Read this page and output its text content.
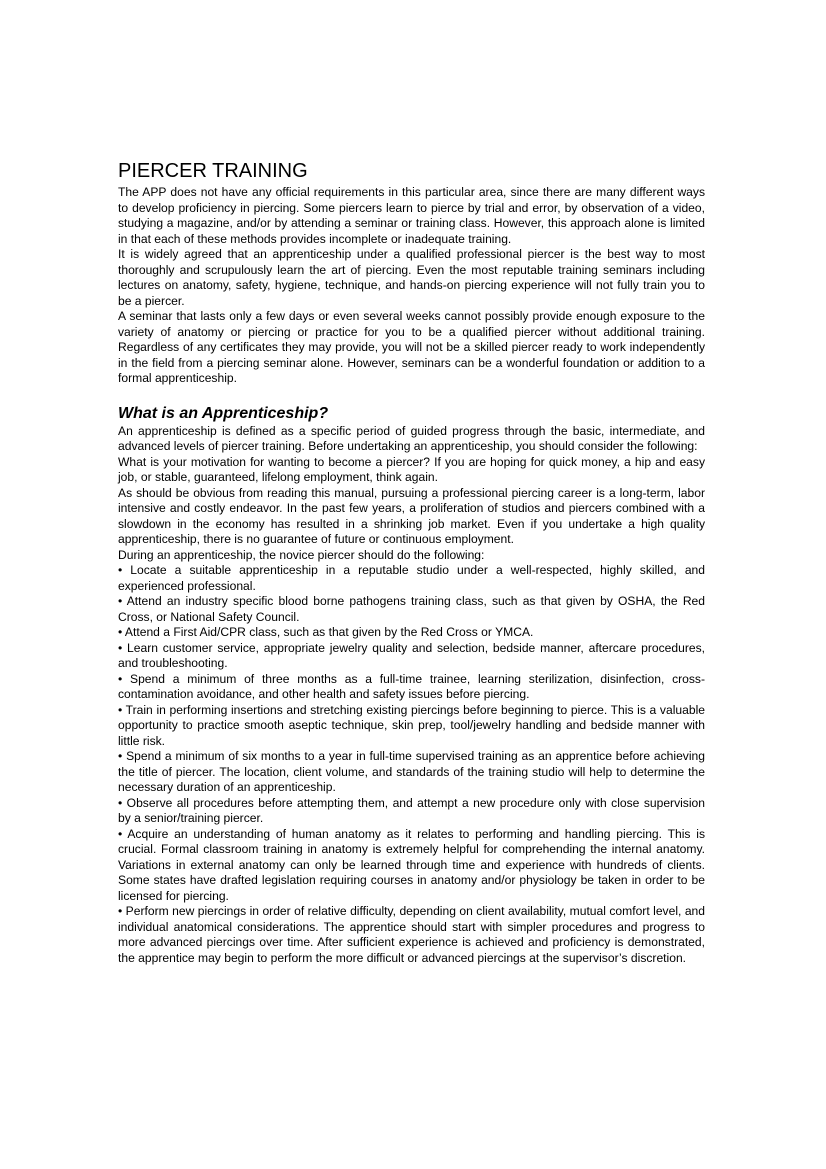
PIERCER TRAINING

The APP does not have any official requirements in this particular area, since there are many different ways to develop proficiency in piercing. Some piercers learn to pierce by trial and error, by observation of a video, studying a magazine, and/or by attending a seminar or training class. However, this approach alone is limited in that each of these methods provides incomplete or inadequate training.

It is widely agreed that an apprenticeship under a qualified professional piercer is the best way to most thoroughly and scrupulously learn the art of piercing. Even the most reputable training seminars including lectures on anatomy, safety, hygiene, technique, and hands-on piercing experience will not fully train you to be a piercer.

A seminar that lasts only a few days or even several weeks cannot possibly provide enough exposure to the variety of anatomy or piercing or practice for you to be a qualified piercer without additional training. Regardless of any certificates they may provide, you will not be a skilled piercer ready to work independently in the field from a piercing seminar alone. However, seminars can be a wonderful foundation or addition to a formal apprenticeship.

What is an Apprenticeship?

An apprenticeship is defined as a specific period of guided progress through the basic, intermediate, and advanced levels of piercer training. Before undertaking an apprenticeship, you should consider the following:

What is your motivation for wanting to become a piercer? If you are hoping for quick money, a hip and easy job, or stable, guaranteed, lifelong employment, think again.

As should be obvious from reading this manual, pursuing a professional piercing career is a long-term, labor intensive and costly endeavor. In the past few years, a proliferation of studios and piercers combined with a slowdown in the economy has resulted in a shrinking job market. Even if you undertake a high quality apprenticeship, there is no guarantee of future or continuous employment.

During an apprenticeship, the novice piercer should do the following:

• Locate a suitable apprenticeship in a reputable studio under a well-respected, highly skilled, and experienced professional.

• Attend an industry specific blood borne pathogens training class, such as that given by OSHA, the Red Cross, or National Safety Council.

• Attend a First Aid/CPR class, such as that given by the Red Cross or YMCA.

• Learn customer service, appropriate jewelry quality and selection, bedside manner, aftercare procedures, and troubleshooting.

• Spend a minimum of three months as a full-time trainee, learning sterilization, disinfection, cross-contamination avoidance, and other health and safety issues before piercing.

• Train in performing insertions and stretching existing piercings before beginning to pierce. This is a valuable opportunity to practice smooth aseptic technique, skin prep, tool/jewelry handling and bedside manner with little risk.

• Spend a minimum of six months to a year in full-time supervised training as an apprentice before achieving the title of piercer. The location, client volume, and standards of the training studio will help to determine the necessary duration of an apprenticeship.

• Observe all procedures before attempting them, and attempt a new procedure only with close supervision by a senior/training piercer.

• Acquire an understanding of human anatomy as it relates to performing and handling piercing. This is crucial. Formal classroom training in anatomy is extremely helpful for comprehending the internal anatomy. Variations in external anatomy can only be learned through time and experience with hundreds of clients. Some states have drafted legislation requiring courses in anatomy and/or physiology be taken in order to be licensed for piercing.

• Perform new piercings in order of relative difficulty, depending on client availability, mutual comfort level, and individual anatomical considerations. The apprentice should start with simpler procedures and progress to more advanced piercings over time. After sufficient experience is achieved and proficiency is demonstrated, the apprentice may begin to perform the more difficult or advanced piercings at the supervisor’s discretion.
